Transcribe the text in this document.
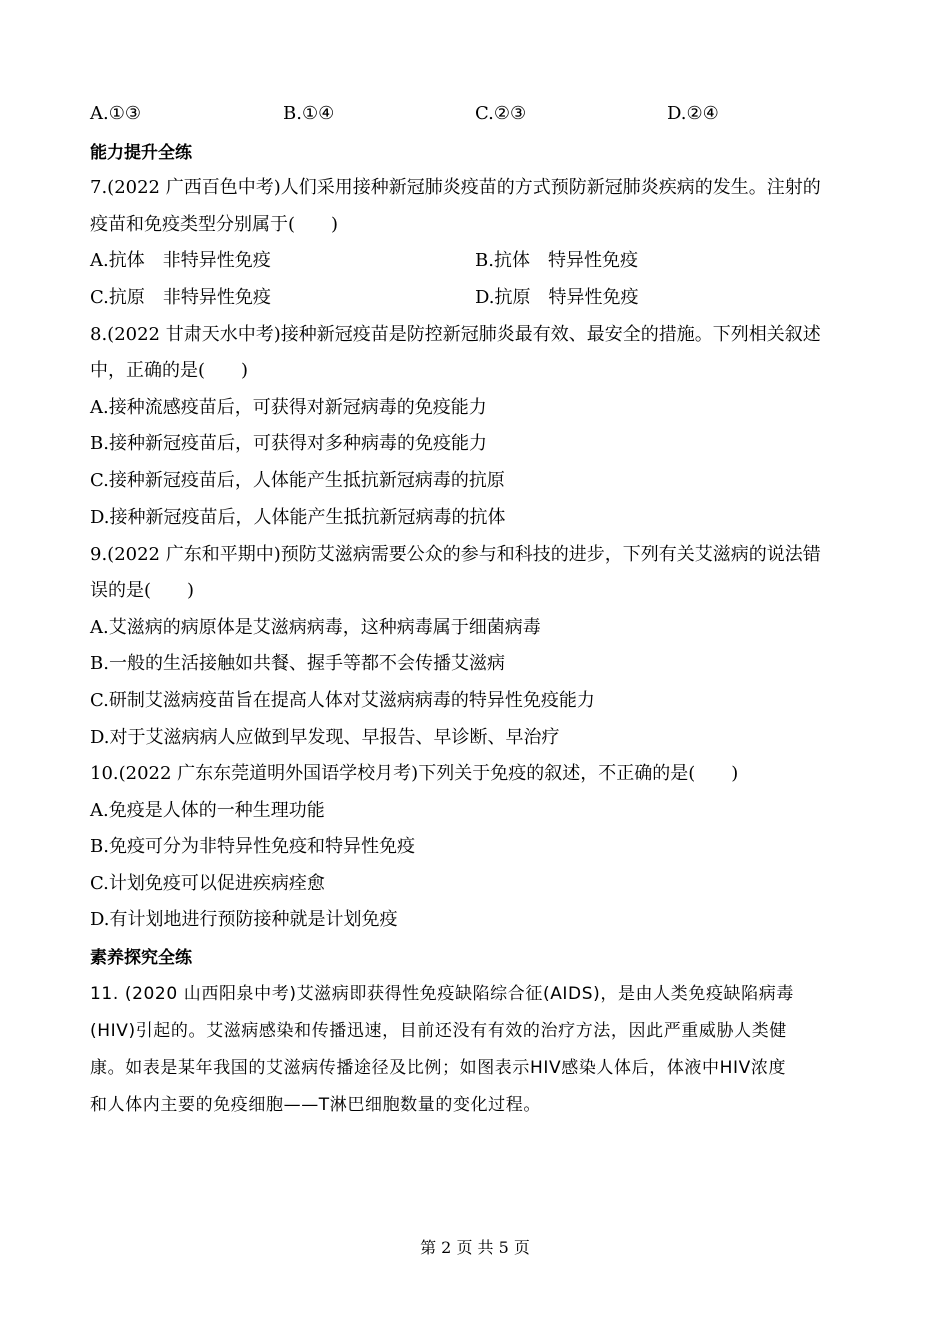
A.①③	B.①④	C.②③	D.②④
能力提升全练
7.(2022 广西百色中考)人们采用接种新冠肺炎疫苗的方式预防新冠肺炎疾病的发生。注射的
疫苗和免疫类型分别属于(　　)
A.抗体　非特异性免疫	B.抗体　特异性免疫
C.抗原　非特异性免疫	D.抗原　特异性免疫
8.(2022 甘肃天水中考)接种新冠疫苗是防控新冠肺炎最有效、最安全的措施。下列相关叙述
中，正确的是(　　)
A.接种流感疫苗后，可获得对新冠病毒的免疫能力
B.接种新冠疫苗后，可获得对多种病毒的免疫能力
C.接种新冠疫苗后，人体能产生抵抗新冠病毒的抗原
D.接种新冠疫苗后，人体能产生抵抗新冠病毒的抗体
9.(2022 广东和平期中)预防艾滋病需要公众的参与和科技的进步，下列有关艾滋病的说法错
误的是(　　)
A.艾滋病的病原体是艾滋病病毒，这种病毒属于细菌病毒
B.一般的生活接触如共餐、握手等都不会传播艾滋病
C.研制艾滋病疫苗旨在提高人体对艾滋病病毒的特异性免疫能力
D.对于艾滋病病人应做到早发现、早报告、早诊断、早治疗
10.(2022 广东东莞道明外国语学校月考)下列关于免疫的叙述，不正确的是(　　)
A.免疫是人体的一种生理功能
B.免疫可分为非特异性免疫和特异性免疫
C.计划免疫可以促进疾病痊愈
D.有计划地进行预防接种就是计划免疫
素养探究全练
11. (2020 山西阳泉中考)艾滋病即获得性免疫缺陷综合征(AIDS)，是由人类免疫缺陷病毒
(HIV)引起的。艾滋病感染和传播迅速，目前还没有有效的治疗方法，因此严重威胁人类健
康。如表是某年我国的艾滋病传播途径及比例；如图表示HIV感染人体后，体液中HIV浓度
和人体内主要的免疫细胞——T淋巴细胞数量的变化过程。
第 2 页 共 5 页
